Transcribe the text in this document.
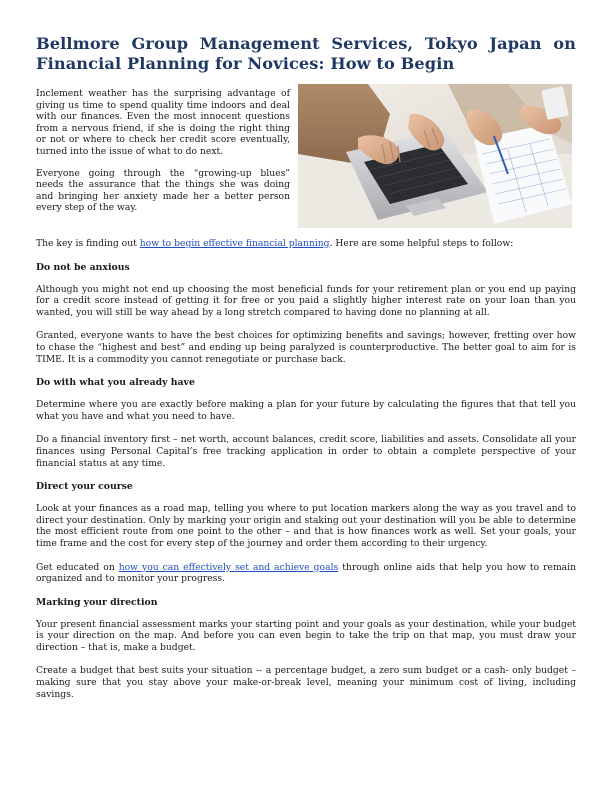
Bellmore Group Management Services, Tokyo Japan on Financial Planning for Novices: How to Begin

Inclement weather has the surprising advantage of giving us time to spend quality time indoors and deal with our finances. Even the most innocent questions from a nervous friend, if she is doing the right thing or not or where to check her credit score eventually, turned into the issue of what to do next.

Everyone going through the “growing-up blues” needs the assurance that the things she was doing and bringing her anxiety made her a better person every step of the way.

The key is finding out how to begin effective financial planning. Here are some helpful steps to follow:

Do not be anxious

Although you might not end up choosing the most beneficial funds for your retirement plan or you end up paying for a credit score instead of getting it for free or you paid a slightly higher interest rate on your loan than you wanted, you will still be way ahead by a long stretch compared to having done no planning at all.

Granted, everyone wants to have the best choices for optimizing benefits and savings; however, fretting over how to chase the “highest and best” and ending up being paralyzed is counterproductive. The better goal to aim for is TIME. It is a commodity you cannot renegotiate or purchase back.

Do with what you already have

Determine where you are exactly before making a plan for your future by calculating the figures that that tell you what you have and what you need to have.

Do a financial inventory first – net worth, account balances, credit score, liabilities and assets. Consolidate all your finances using Personal Capital’s free tracking application in order to obtain a complete perspective of your financial status at any time.

Direct your course

Look at your finances as a road map, telling you where to put location markers along the way as you travel and to direct your destination. Only by marking your origin and staking out your destination will you be able to determine the most efficient route from one point to the other – and that is how finances work as well. Set your goals, your time frame and the cost for every step of the journey and order them according to their urgency.

Get educated on how you can effectively set and achieve goals through online aids that help you how to remain organized and to monitor your progress.

Marking your direction

Your present financial assessment marks your starting point and your goals as your destination, while your budget is your direction on the map. And before you can even begin to take the trip on that map, you must draw your direction – that is, make a budget.

Create a budget that best suits your situation -- a percentage budget, a zero sum budget or a cash- only budget – making sure that you stay above your make-or-break level, meaning your minimum cost of living, including savings.
